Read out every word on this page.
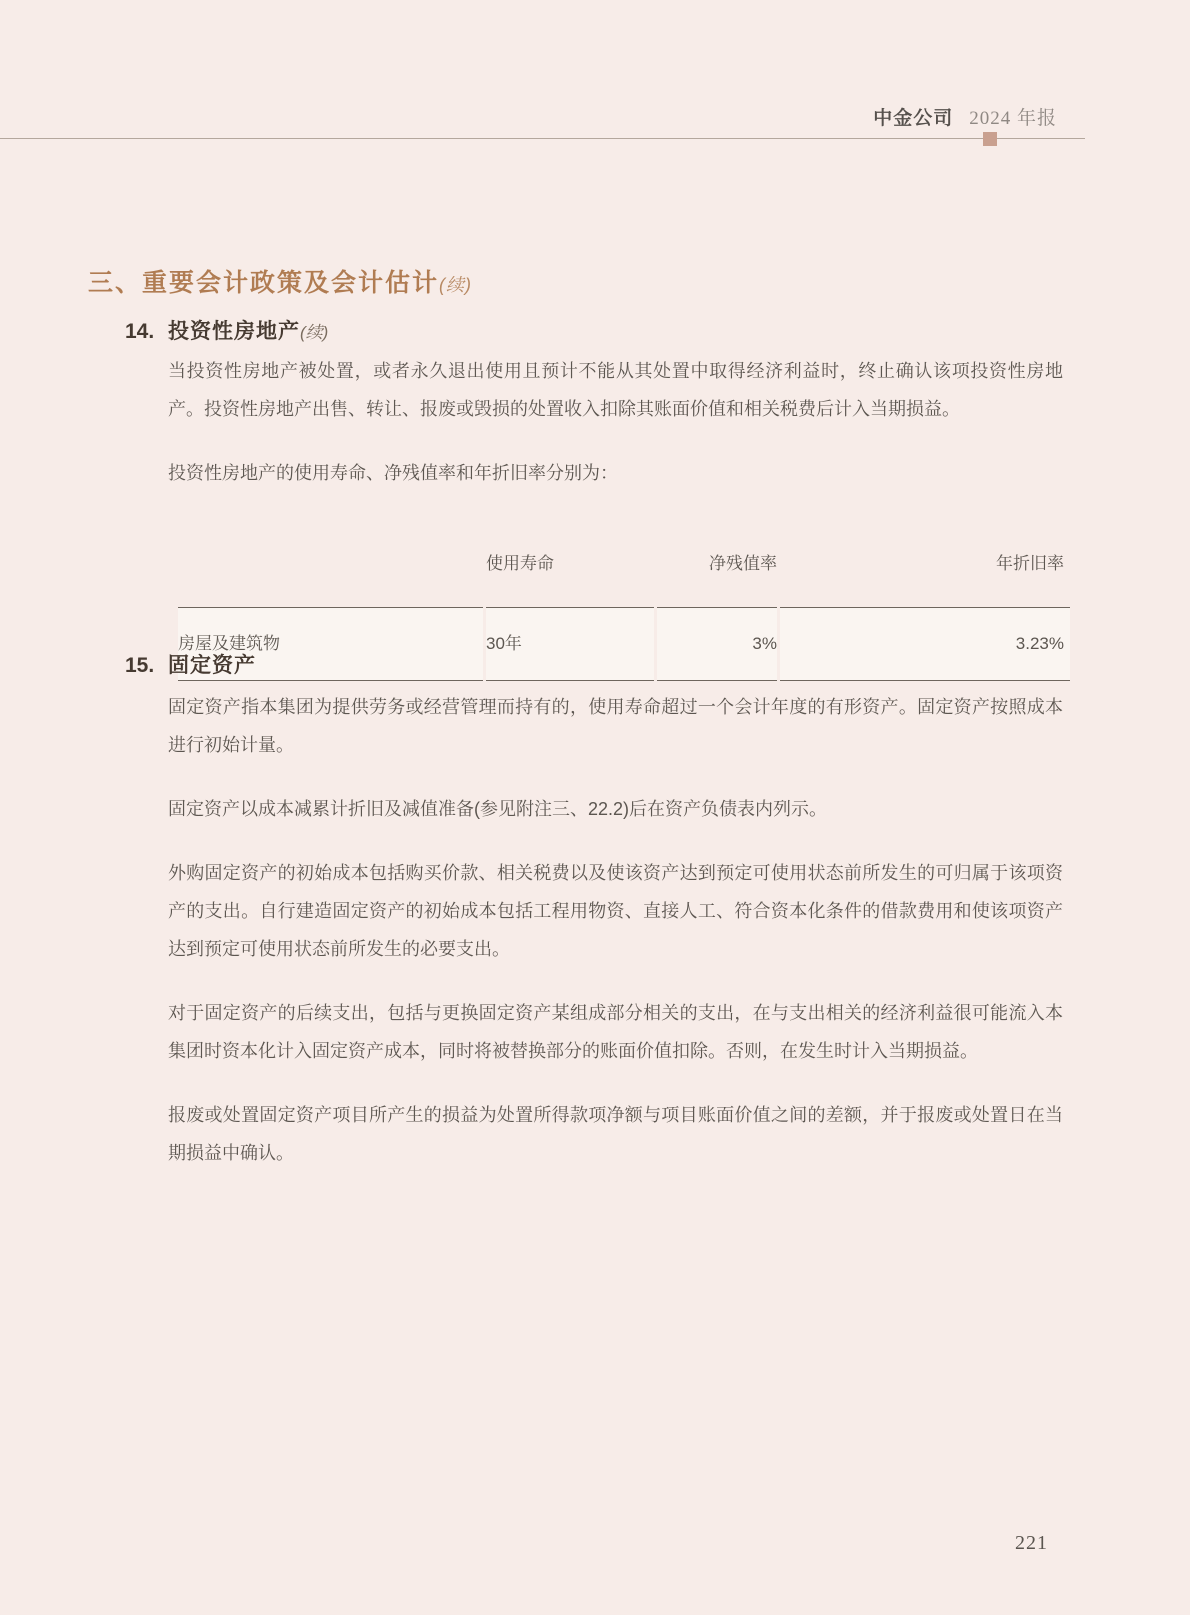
中金公司 2024 年报
三、重要会计政策及会计估计(续)
14. 投资性房地产(续)

当投资性房地产被处置，或者永久退出使用且预计不能从其处置中取得经济利益时，终止确认该项投资性房地产。投资性房地产出售、转让、报废或毁损的处置收入扣除其账面价值和相关税费后计入当期损益。

投资性房地产的使用寿命、净残值率和年折旧率分别为：

	使用寿命	净残值率	年折旧率
房屋及建筑物	30年	3%	3.23%
15. 固定资产

固定资产指本集团为提供劳务或经营管理而持有的，使用寿命超过一个会计年度的有形资产。固定资产按照成本进行初始计量。

固定资产以成本减累计折旧及减值准备(参见附注三、22.2)后在资产负债表内列示。

外购固定资产的初始成本包括购买价款、相关税费以及使该资产达到预定可使用状态前所发生的可归属于该项资产的支出。自行建造固定资产的初始成本包括工程用物资、直接人工、符合资本化条件的借款费用和使该项资产达到预定可使用状态前所发生的必要支出。

对于固定资产的后续支出，包括与更换固定资产某组成部分相关的支出，在与支出相关的经济利益很可能流入本集团时资本化计入固定资产成本，同时将被替换部分的账面价值扣除。否则，在发生时计入当期损益。

报废或处置固定资产项目所产生的损益为处置所得款项净额与项目账面价值之间的差额，并于报废或处置日在当期损益中确认。

221
